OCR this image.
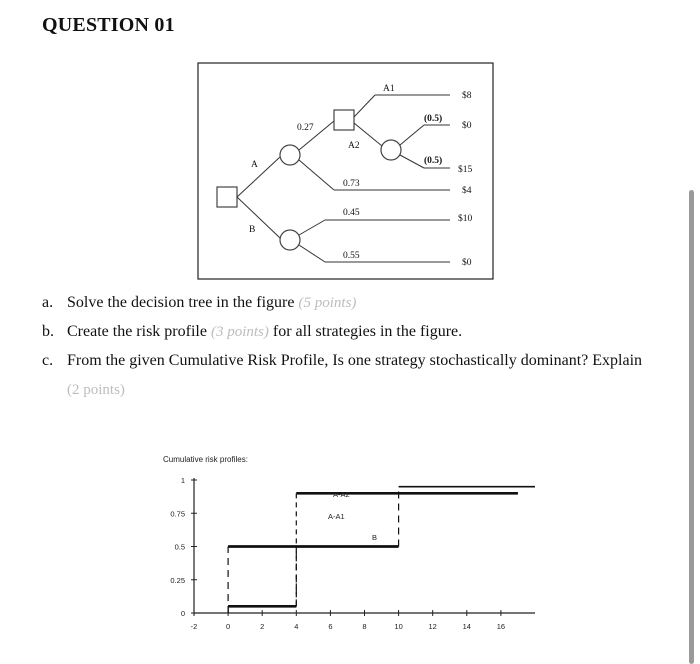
QUESTION 01
A
B
0.27
0.73
0.45
0.55
A1
A2
(0.5)
(0.5)
$8
$0
$15
$4
$10
$0
a. Solve the decision tree in the figure (5 points)
b. Create the risk profile (3 points) for all strategies in the figure.
c. From the given Cumulative Risk Profile, Is one strategy stochastically dominant? Explain
(2 points)
Cumulative risk profiles:
-2	0	2	4	6	8	10	12	14	16
0
0.25
0.5
0.75
1
A-A2
A-A1
B
